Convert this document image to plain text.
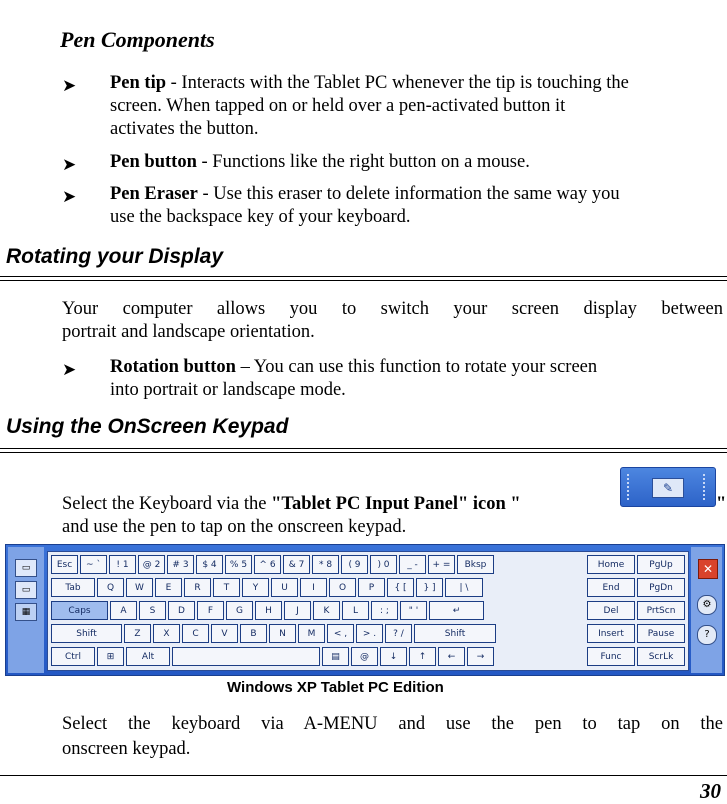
Pen Components
➤ Pen tip - Interacts with the Tablet PC whenever the tip is touching the
screen. When tapped on or held over a pen-activated button it
activates the button.
➤ Pen button - Functions like the right button on a mouse.
➤ Pen Eraser - Use this eraser to delete information the same way you
use the backspace key of your keyboard.
Rotating your Display
Your computer allows you to switch your screen display between
portrait and landscape orientation.
➤ Rotation button – You can use this function to rotate your screen
into portrait or landscape mode.
Using the OnScreen Keypad
Select the Keyboard via the "Tablet PC Input Panel" icon "
✎
"
and use the pen to tap on the onscreen keypad.
▭
▭
▦
Esc	~ `	! 1	@ 2	# 3	$ 4	% 5	^ 6	& 7	* 8	( 9	) 0	_ -	+ =	Bksp	Home	PgUp
Tab	Q	W	E	R	T	Y	U	I	O	P	{ [	} ]	| \	End	PgDn
Caps	A	S	D	F	G	H	J	K	L	: ;	" '	↵	Del	PrtScn
Shift	Z	X	C	V	B	N	M	< ,	> .	? /	Shift	Insert	Pause
Ctrl	⊞	Alt	▤	@	↓	↑	←	→	Func	ScrLk
✕
⚙
?
Windows XP Tablet PC Edition
Select the keyboard via A-MENU and use the pen to tap on the
onscreen keypad.
30
